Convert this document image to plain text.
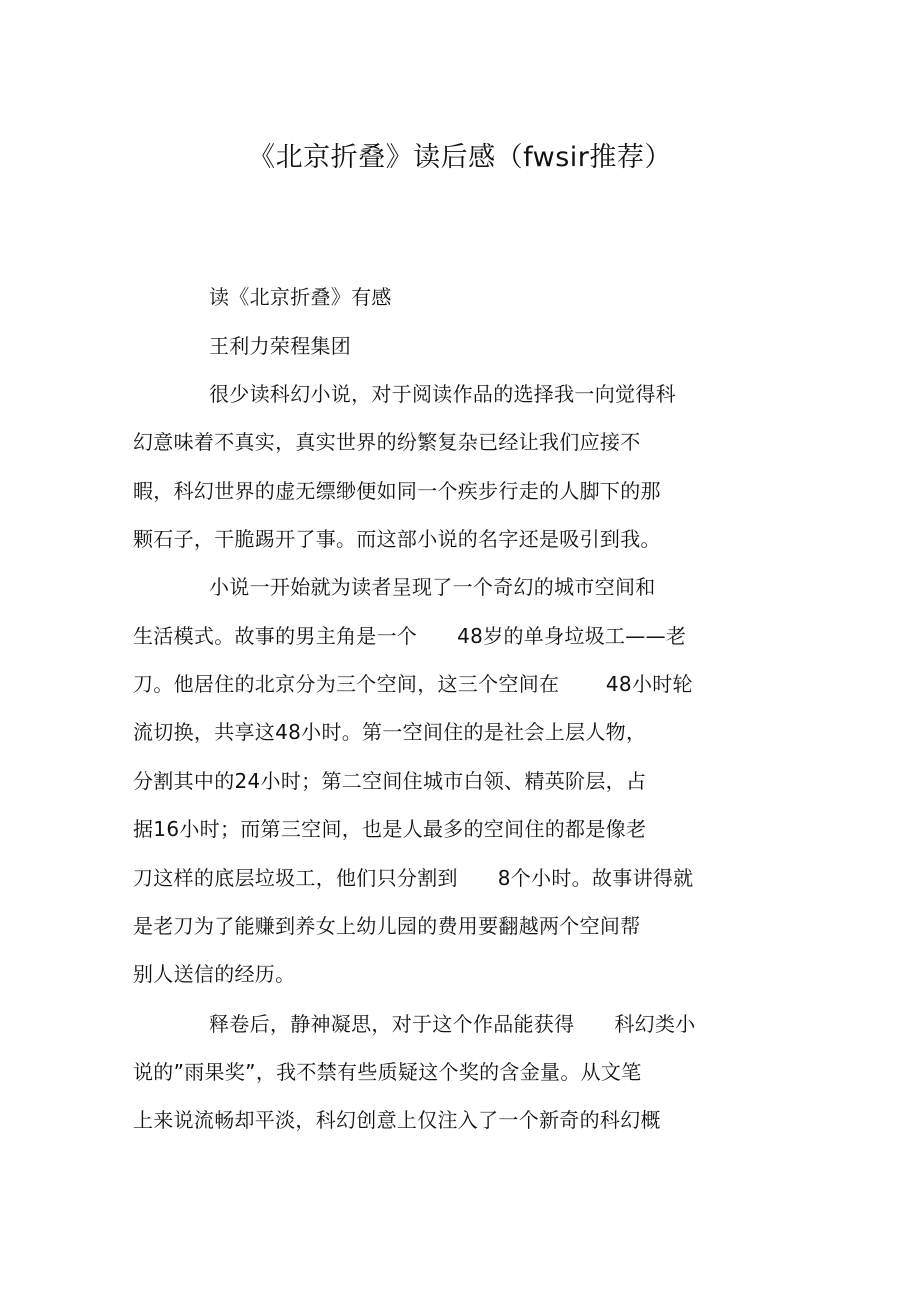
《北京折叠》读后感（fwsir推荐）
读《北京折叠》有感
王利力荣程集团
很少读科幻小说，对于阅读作品的选择我一向觉得科
幻意味着不真实，真实世界的纷繁复杂已经让我们应接不
暇，科幻世界的虚无缥缈便如同一个疾步行走的人脚下的那
颗石子，干脆踢开了事。而这部小说的名字还是吸引到我。
小说一开始就为读者呈现了一个奇幻的城市空间和
生活模式。故事的男主角是一个      48岁的单身垃圾工——老
刀。他居住的北京分为三个空间，这三个空间在       48小时轮
流切换，共享这48小时。第一空间住的是社会上层人物，
分割其中的24小时；第二空间住城市白领、精英阶层，占
据16小时；而第三空间，也是人最多的空间住的都是像老
刀这样的底层垃圾工，他们只分割到      8个小时。故事讲得就
是老刀为了能赚到养女上幼儿园的费用要翻越两个空间帮
别人送信的经历。
释卷后，静神凝思，对于这个作品能获得      科幻类小
说的”雨果奖”，我不禁有些质疑这个奖的含金量。从文笔
上来说流畅却平淡，科幻创意上仅注入了一个新奇的科幻概
